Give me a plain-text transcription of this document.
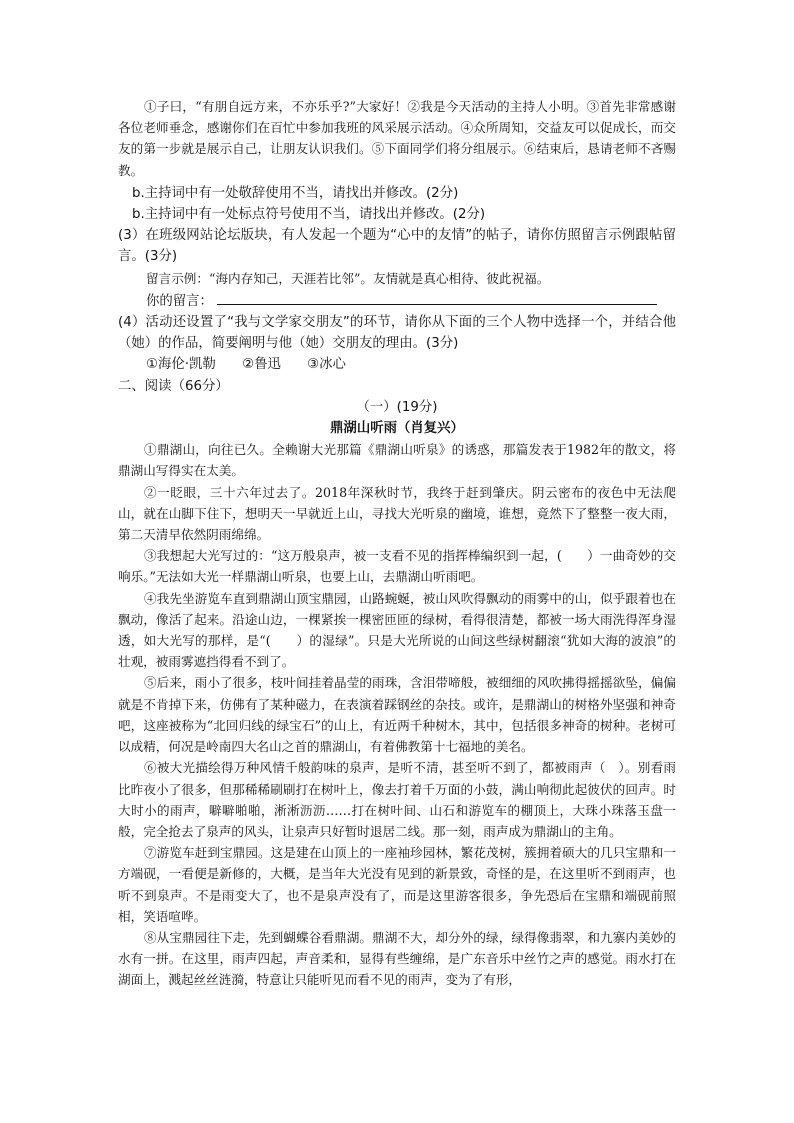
①子曰，“有朋自远方来，不亦乐乎?”大家好！②我是今天活动的主持人小明。③首先非常感谢各位老师垂念，感谢你们在百忙中参加我班的风采展示活动。④众所周知，交益友可以促成长，而交友的第一步就是展示自己，让朋友认识我们。⑤下面同学们将分组展示。⑥结束后，恳请老师不吝赐教。

b.主持词中有一处敬辞使用不当，请找出并修改。(2分)

b.主持词中有一处标点符号使用不当，请找出并修改。(2分)

(3）在班级网站论坛版块，有人发起一个题为“心中的友情”的帖子，请你仿照留言示例跟帖留言。(3分)

留言示例：“海内存知己，天涯若比邻”。友情就是真心相待、彼此祝福。

你的留言：

(4）活动还设置了“我与文学家交朋友”的环节，请你从下面的三个人物中选择一个，并结合他（她）的作品，简要阐明与他（她）交朋友的理由。(3分)

①海伦·凯勒 ②鲁迅 ③冰心

二、阅读（66分）

（一）(19分)

鼎湖山听雨（肖复兴）

①鼎湖山，向往已久。全赖谢大光那篇《鼎湖山听泉》的诱惑，那篇发表于1982年的散文，将鼎湖山写得实在太美。

②一眨眼，三十六年过去了。2018年深秋时节，我终于赶到肇庆。阴云密布的夜色中无法爬山，就在山脚下住下，想明天一早就近上山，寻找大光听泉的幽境，谁想，竟然下了整整一夜大雨，第二天清早依然阴雨绵绵。

③我想起大光写过的：“这万般泉声，被一支看不见的指挥棒编织到一起，(　　）一曲奇妙的交响乐。”无法如大光一样鼎湖山听泉，也要上山，去鼎湖山听雨吧。

④我先坐游览车直到鼎湖山顶宝鼎园，山路蜿蜒，被山风吹得飘动的雨雾中的山，似乎跟着也在飘动，像活了起来。沿途山边，一棵紧挨一棵密匝匝的绿树，看得很清楚，都被一场大雨洗得浑身湿透，如大光写的那样，是“(　　）的湿绿”。只是大光所说的山间这些绿树翻滚“犹如大海的波浪”的壮观，被雨雾遮挡得看不到了。

⑤后来，雨小了很多，枝叶间挂着晶莹的雨珠，含泪带啼般，被细细的风吹拂得摇摇欲坠，偏偏就是不肯掉下来，仿佛有了某种磁力，在表演着踩钢丝的杂技。或许，是鼎湖山的树格外坚强和神奇吧，这座被称为“北回归线的绿宝石”的山上，有近两千种树木，其中，包括很多神奇的树种。老树可以成精，何况是岭南四大名山之首的鼎湖山，有着佛教第十七福地的美名。

⑥被大光描绘得万种风情千般韵味的泉声，是听不清，甚至听不到了，都被雨声（　）。别看雨比昨夜小了很多，但那稀稀刷刷打在树叶上，像去打着千万面的小鼓，满山响彻此起彼伏的回声。时大时小的雨声，噼噼啪啪，淅淅沥沥……打在树叶间、山石和游览车的棚顶上，大珠小珠落玉盘一般，完全抢去了泉声的风头，让泉声只好暂时退居二线。那一刻，雨声成为鼎湖山的主角。

⑦游览车赶到宝鼎园。这是建在山顶上的一座袖珍园林，繁花茂树，簇拥着硕大的几只宝鼎和一方端砚，一看便是新修的，大概，是当年大光没有见到的新景致，奇怪的是，在这里听不到雨声，也听不到泉声。不是雨变大了，也不是泉声没有了，而是这里游客很多，争先恐后在宝鼎和端砚前照相，笑语喧哗。

⑧从宝鼎园往下走，先到蝴蝶谷看鼎湖。鼎湖不大，却分外的绿，绿得像翡翠，和九寨内美妙的水有一拼。在这里，雨声四起，声音柔和，显得有些缠绵，是广东音乐中丝竹之声的感觉。雨水打在湖面上，溅起丝丝涟漪，特意让只能听见而看不见的雨声，变为了有形，
